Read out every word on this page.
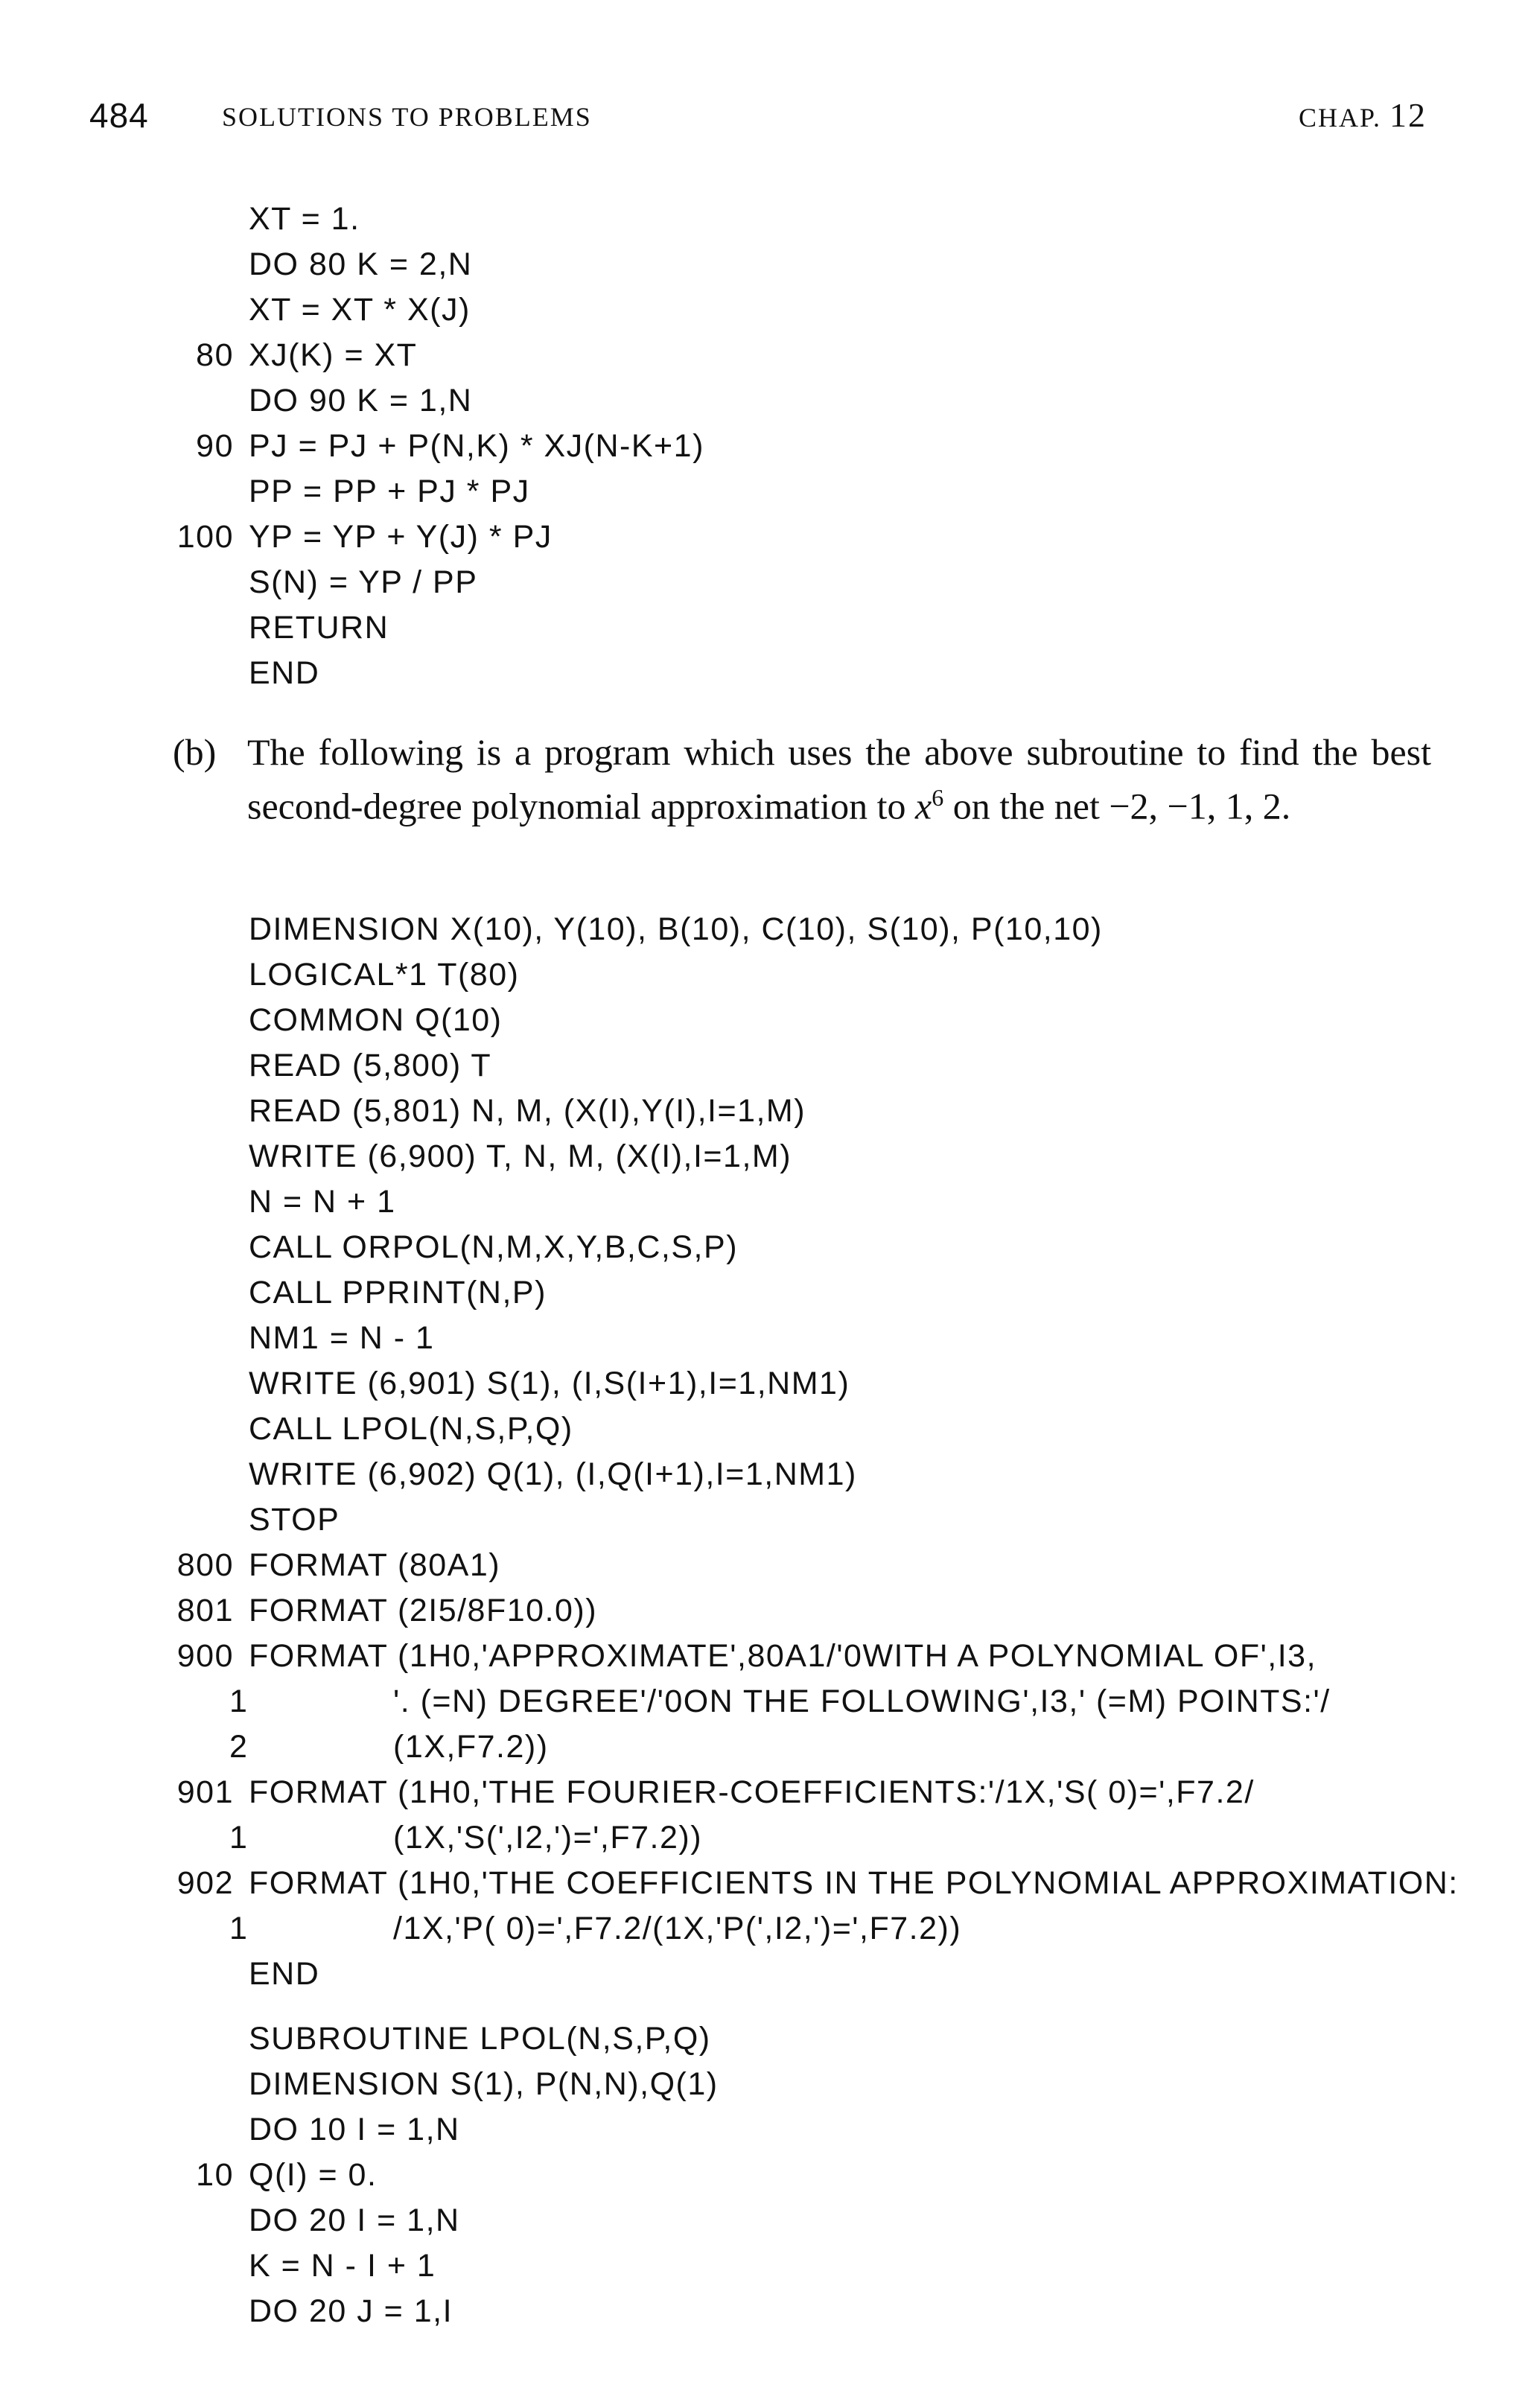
484	SOLUTIONS TO PROBLEMS	CHAP. 12
XT = 1.
DO 80 K = 2,N
XT = XT * X(J)
80 XJ(K) = XT
DO 90 K = 1,N
90 PJ = PJ + P(N,K) * XJ(N-K+1)
PP = PP + PJ * PJ
100 YP = YP + Y(J) * PJ
S(N) = YP / PP
RETURN
END
(b) The following is a program which uses the above subroutine to find the best second-degree polynomial approximation to $x^6$ on the net −2, −1, 1, 2.
DIMENSION X(10), Y(10), B(10), C(10), S(10), P(10,10)
LOGICAL*1 T(80)
COMMON Q(10)
READ (5,800) T
READ (5,801) N, M, (X(I),Y(I),I=1,M)
WRITE (6,900) T, N, M, (X(I),I=1,M)
N = N + 1
CALL ORPOL(N,M,X,Y,B,C,S,P)
CALL PPRINT(N,P)
NM1 = N - 1
WRITE (6,901) S(1), (I,S(I+1),I=1,NM1)
CALL LPOL(N,S,P,Q)
WRITE (6,902) Q(1), (I,Q(I+1),I=1,NM1)
STOP
800 FORMAT (80A1)
801 FORMAT (2I5/8F10.0))
900 FORMAT (1H0,'APPROXIMATE',80A1/'0WITH A POLYNOMIAL OF',I3,
1	'. (=N) DEGREE'/'0ON THE FOLLOWING',I3,' (=M) POINTS:'/
2	(1X,F7.2))
901 FORMAT (1H0,'THE FOURIER-COEFFICIENTS:'/1X,'S( 0)=',F7.2/
1	(1X,'S(',I2,')=',F7.2))
902 FORMAT (1H0,'THE COEFFICIENTS IN THE POLYNOMIAL APPROXIMATION:
1	/1X,'P( 0)=',F7.2/(1X,'P(',I2,')=',F7.2))
END
SUBROUTINE LPOL(N,S,P,Q)
DIMENSION S(1), P(N,N),Q(1)
DO 10 I = 1,N
10 Q(I) = 0.
DO 20 I = 1,N
K = N - I + 1
DO 20 J = 1,I
